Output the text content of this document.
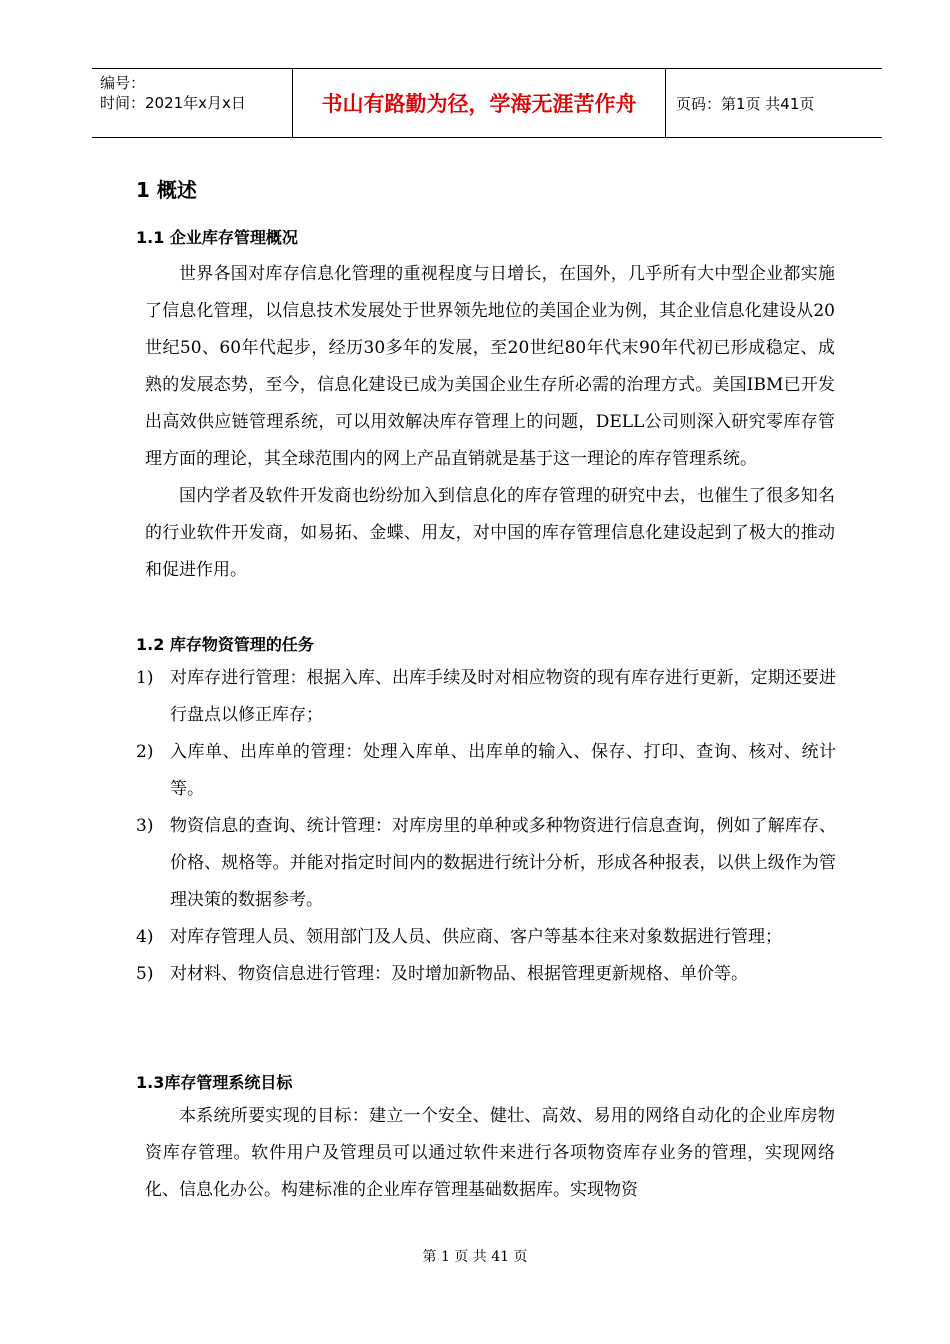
编号：
时间：2021年x月x日	书山有路勤为径，学海无涯苦作舟	页码：第1页 共41页
1 概述
1.1 企业库存管理概况

世界各国对库存信息化管理的重视程度与日增长，在国外，几乎所有大中型企业都实施了信息化管理，以信息技术发展处于世界领先地位的美国企业为例，其企业信息化建设从20世纪50、60年代起步，经历30多年的发展，至20世纪80年代末90年代初已形成稳定、成熟的发展态势，至今，信息化建设已成为美国企业生存所必需的治理方式。美国IBM已开发出高效供应链管理系统，可以用效解决库存管理上的问题，DELL公司则深入研究零库存管理方面的理论，其全球范围内的网上产品直销就是基于这一理论的库存管理系统。

国内学者及软件开发商也纷纷加入到信息化的库存管理的研究中去，也催生了很多知名的行业软件开发商，如易拓、金蝶、用友，对中国的库存管理信息化建设起到了极大的推动和促进作用。

1.2 库存物资管理的任务
1) 对库存进行管理：根据入库、出库手续及时对相应物资的现有库存进行更新，定期还要进行盘点以修正库存；
2) 入库单、出库单的管理：处理入库单、出库单的输入、保存、打印、查询、核对、统计等。
3) 物资信息的查询、统计管理：对库房里的单种或多种物资进行信息查询，例如了解库存、价格、规格等。并能对指定时间内的数据进行统计分析，形成各种报表，以供上级作为管理决策的数据参考。
4) 对库存管理人员、领用部门及人员、供应商、客户等基本往来对象数据进行管理；
5) 对材料、物资信息进行管理：及时增加新物品、根据管理更新规格、单价等。
1.3库存管理系统目标

本系统所要实现的目标：建立一个安全、健壮、高效、易用的网络自动化的企业库房物资库存管理。软件用户及管理员可以通过软件来进行各项物资库存业务的管理，实现网络化、信息化办公。构建标准的企业库存管理基础数据库。实现物资

第 1 页 共 41 页
